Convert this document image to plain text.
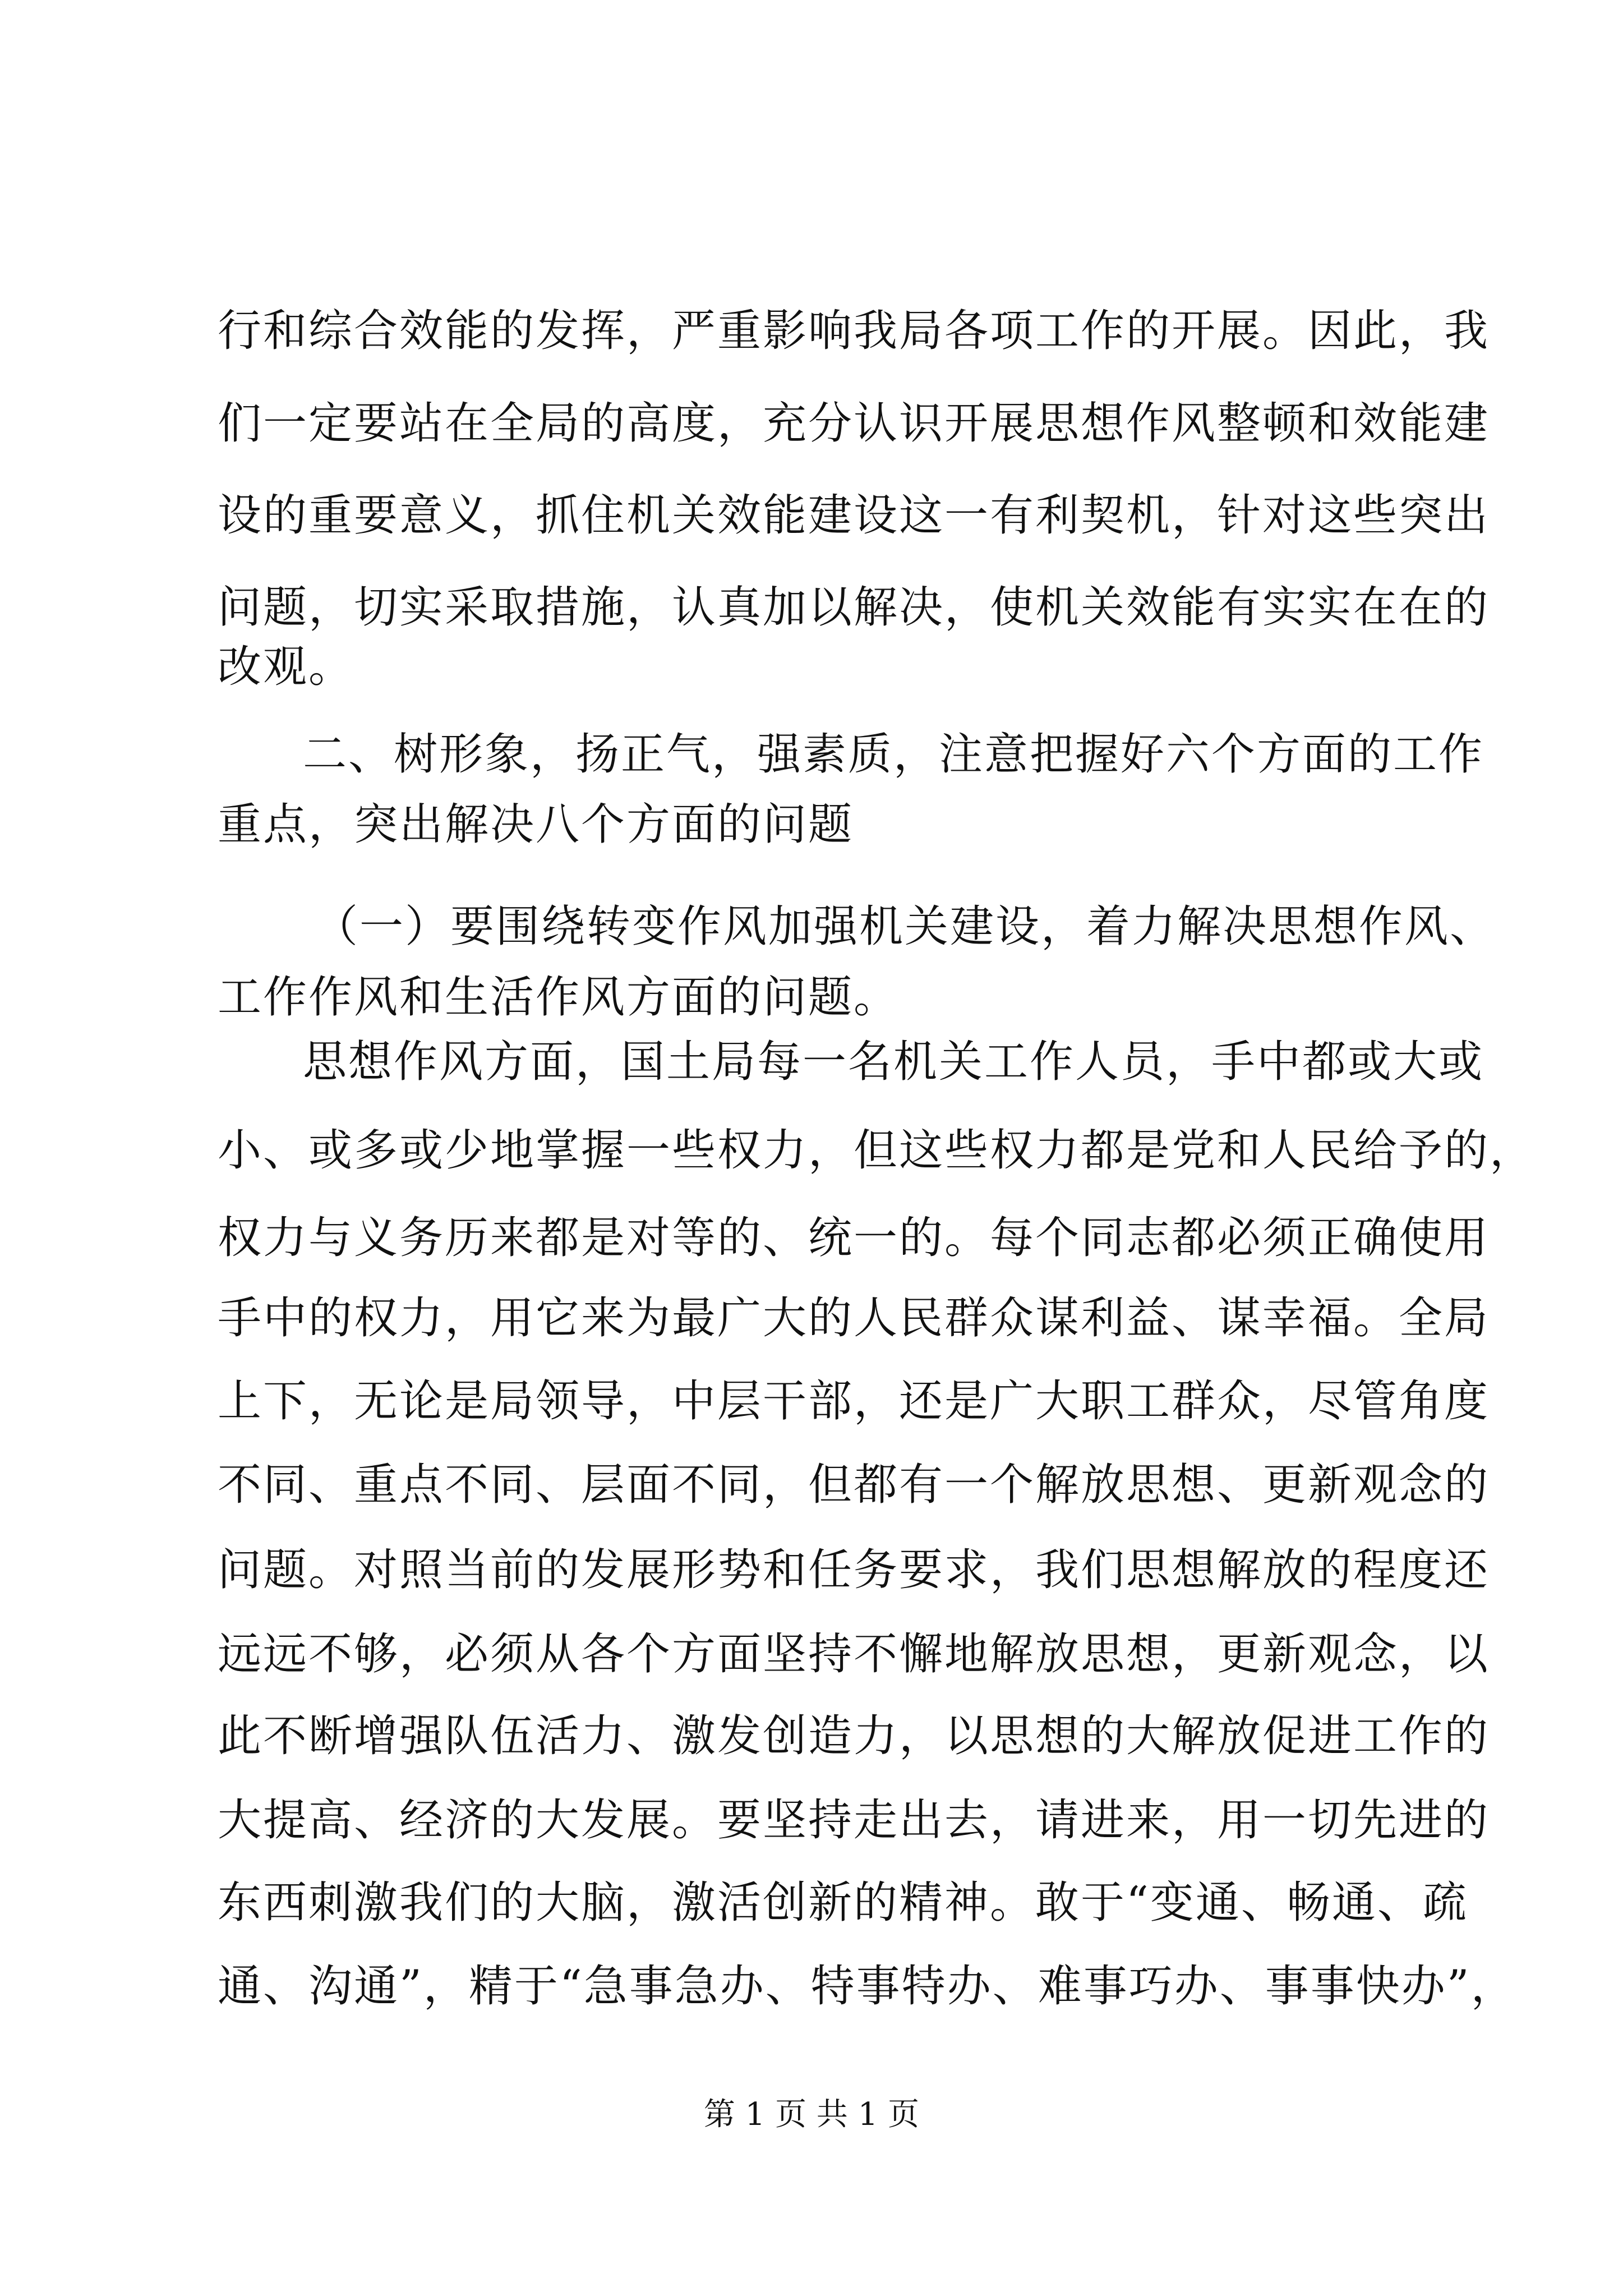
行和综合效能的发挥，严重影响我局各项工作的开展。因此，我
们一定要站在全局的高度，充分认识开展思想作风整顿和效能建
设的重要意义，抓住机关效能建设这一有利契机，针对这些突出
问题，切实采取措施，认真加以解决，使机关效能有实实在在的
改观。
二、树形象，扬正气，强素质，注意把握好六个方面的工作
重点，突出解决八个方面的问题
（一）要围绕转变作风加强机关建设，着力解决思想作风、
工作作风和生活作风方面的问题。
思想作风方面，国土局每一名机关工作人员，手中都或大或
小、或多或少地掌握一些权力，但这些权力都是党和人民给予的，
权力与义务历来都是对等的、统一的。每个同志都必须正确使用
手中的权力，用它来为最广大的人民群众谋利益、谋幸福。全局
上下，无论是局领导，中层干部，还是广大职工群众，尽管角度
不同、重点不同、层面不同，但都有一个解放思想、更新观念的
问题。对照当前的发展形势和任务要求，我们思想解放的程度还
远远不够，必须从各个方面坚持不懈地解放思想，更新观念，以
此不断增强队伍活力、激发创造力，以思想的大解放促进工作的
大提高、经济的大发展。要坚持走出去，请进来，用一切先进的
东西刺激我们的大脑，激活创新的精神。敢于“变通、畅通、疏
通、沟通”，精于“急事急办、特事特办、难事巧办、事事快办”，
第 1 页 共 1 页
